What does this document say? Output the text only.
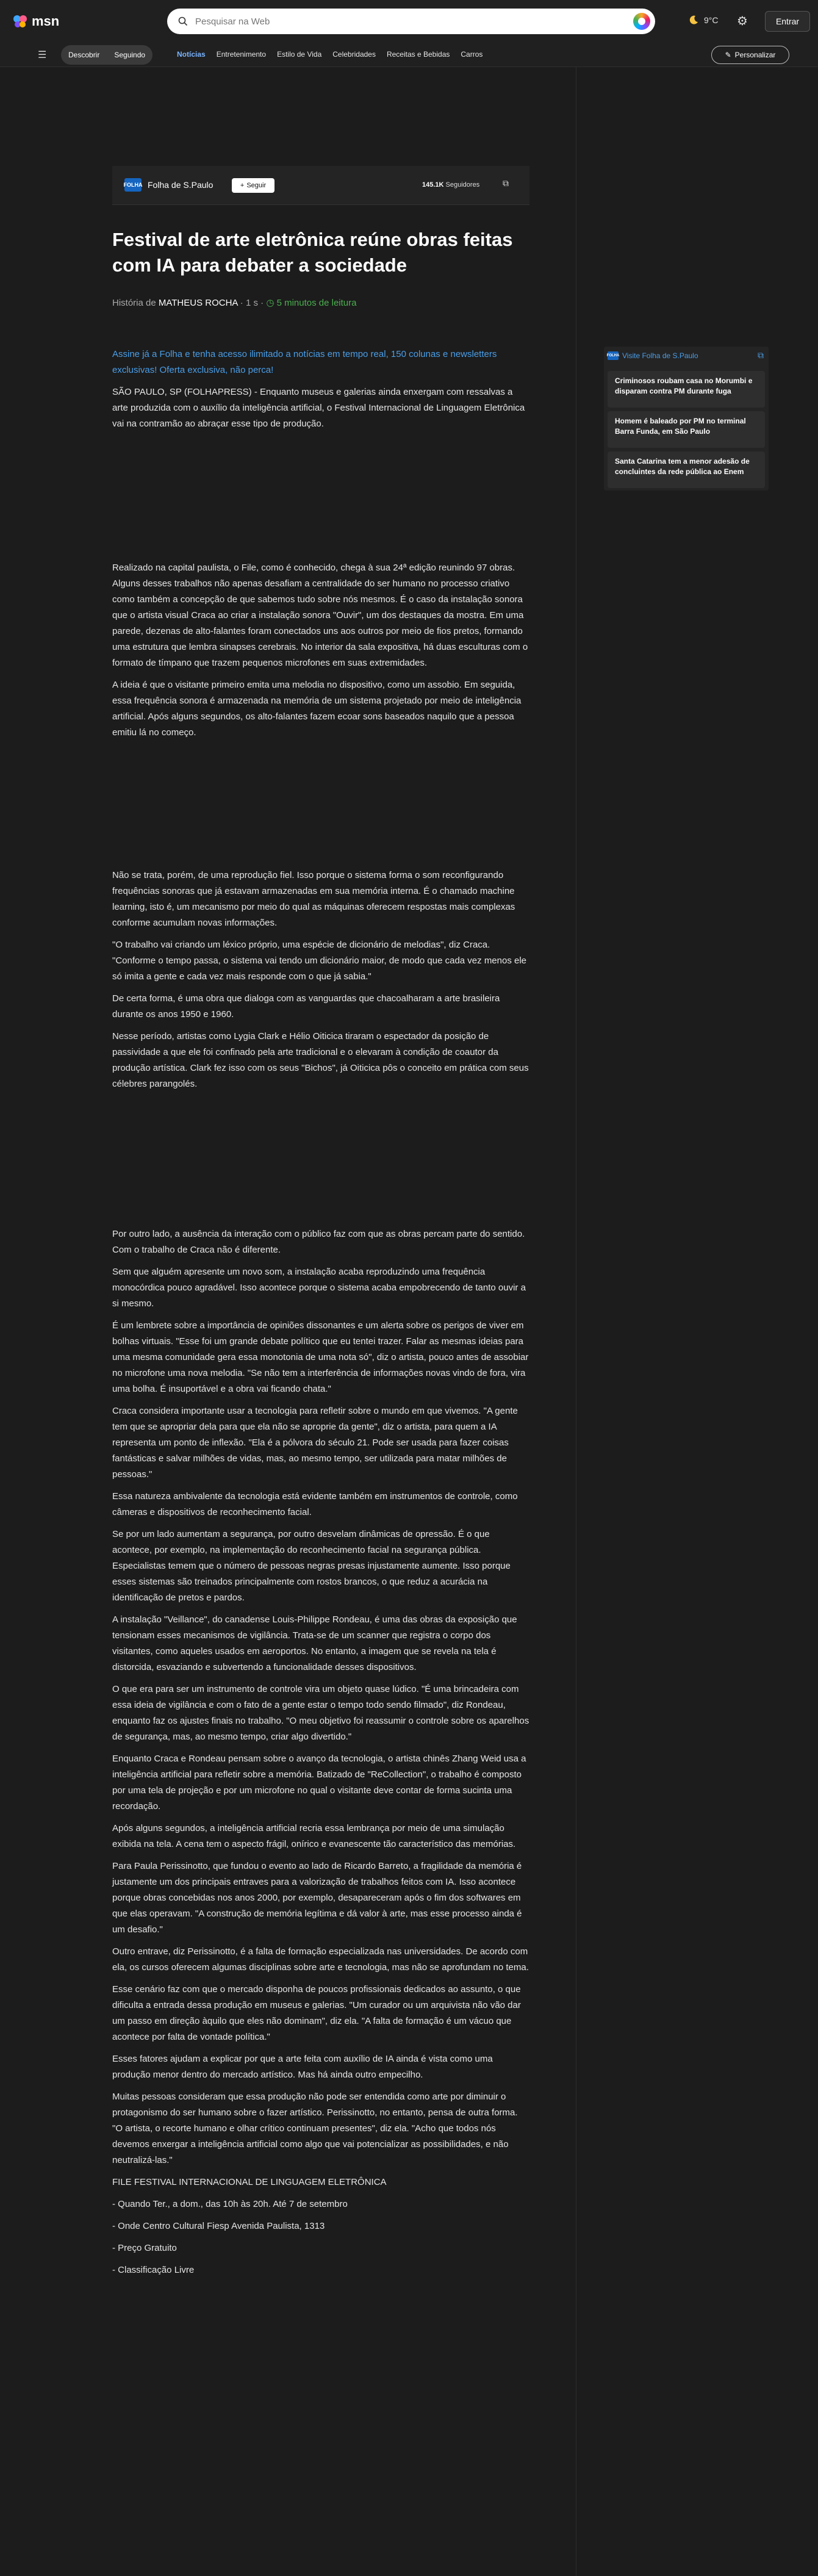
msn
Pesquisar na Web	9°C ⚙	Entrar
☰	Descobrir	Seguindo	Notícias Entretenimento Estilo de Vida Celebridades Receitas e Bebidas Carros	✎ Personalizar
FOLHA Folha de S.Paulo	+ Seguir	145.1K Seguidores	⧉
Festival de arte eletrônica reúne obras feitas com IA para debater a sociedade
História de MATHEUS ROCHA · 1 s · ◷ 5 minutos de leitura

Assine já a Folha e tenha acesso ilimitado a notícias em tempo real, 150 colunas e newsletters exclusivas! Oferta exclusiva, não perca!

SÃO PAULO, SP (FOLHAPRESS) - Enquanto museus e galerias ainda enxergam com ressalvas a arte produzida com o auxílio da inteligência artificial, o Festival Internacional de Linguagem Eletrônica vai na contramão ao abraçar esse tipo de produção.

Realizado na capital paulista, o File, como é conhecido, chega à sua 24ª edição reunindo 97 obras. Alguns desses trabalhos não apenas desafiam a centralidade do ser humano no processo criativo como também a concepção de que sabemos tudo sobre nós mesmos. É o caso da instalação sonora que o artista visual Craca ao criar a instalação sonora "Ouvir", um dos destaques da mostra. Em uma parede, dezenas de alto-falantes foram conectados uns aos outros por meio de fios pretos, formando uma estrutura que lembra sinapses cerebrais. No interior da sala expositiva, há duas esculturas com o formato de tímpano que trazem pequenos microfones em suas extremidades.

A ideia é que o visitante primeiro emita uma melodia no dispositivo, como um assobio. Em seguida, essa frequência sonora é armazenada na memória de um sistema projetado por meio de inteligência artificial. Após alguns segundos, os alto-falantes fazem ecoar sons baseados naquilo que a pessoa emitiu lá no começo.

Não se trata, porém, de uma reprodução fiel. Isso porque o sistema forma o som reconfigurando frequências sonoras que já estavam armazenadas em sua memória interna. É o chamado machine learning, isto é, um mecanismo por meio do qual as máquinas oferecem respostas mais complexas conforme acumulam novas informações.

"O trabalho vai criando um léxico próprio, uma espécie de dicionário de melodias", diz Craca. "Conforme o tempo passa, o sistema vai tendo um dicionário maior, de modo que cada vez menos ele só imita a gente e cada vez mais responde com o que já sabia."

De certa forma, é uma obra que dialoga com as vanguardas que chacoalharam a arte brasileira durante os anos 1950 e 1960.

Nesse período, artistas como Lygia Clark e Hélio Oiticica tiraram o espectador da posição de passividade a que ele foi confinado pela arte tradicional e o elevaram à condição de coautor da produção artística. Clark fez isso com os seus "Bichos", já Oiticica pôs o conceito em prática com seus célebres parangolés.

Por outro lado, a ausência da interação com o público faz com que as obras percam parte do sentido. Com o trabalho de Craca não é diferente.

Sem que alguém apresente um novo som, a instalação acaba reproduzindo uma frequência monocórdica pouco agradável. Isso acontece porque o sistema acaba empobrecendo de tanto ouvir a si mesmo.

É um lembrete sobre a importância de opiniões dissonantes e um alerta sobre os perigos de viver em bolhas virtuais. "Esse foi um grande debate político que eu tentei trazer. Falar as mesmas ideias para uma mesma comunidade gera essa monotonia de uma nota só", diz o artista, pouco antes de assobiar no microfone uma nova melodia. "Se não tem a interferência de informações novas vindo de fora, vira uma bolha. É insuportável e a obra vai ficando chata."

Craca considera importante usar a tecnologia para refletir sobre o mundo em que vivemos. "A gente tem que se apropriar dela para que ela não se aproprie da gente", diz o artista, para quem a IA representa um ponto de inflexão. "Ela é a pólvora do século 21. Pode ser usada para fazer coisas fantásticas e salvar milhões de vidas, mas, ao mesmo tempo, ser utilizada para matar milhões de pessoas."

Essa natureza ambivalente da tecnologia está evidente também em instrumentos de controle, como câmeras e dispositivos de reconhecimento facial.

Se por um lado aumentam a segurança, por outro desvelam dinâmicas de opressão. É o que acontece, por exemplo, na implementação do reconhecimento facial na segurança pública. Especialistas temem que o número de pessoas negras presas injustamente aumente. Isso porque esses sistemas são treinados principalmente com rostos brancos, o que reduz a acurácia na identificação de pretos e pardos.

A instalação "Veillance", do canadense Louis-Philippe Rondeau, é uma das obras da exposição que tensionam esses mecanismos de vigilância. Trata-se de um scanner que registra o corpo dos visitantes, como aqueles usados em aeroportos. No entanto, a imagem que se revela na tela é distorcida, esvaziando e subvertendo a funcionalidade desses dispositivos.

O que era para ser um instrumento de controle vira um objeto quase lúdico. "É uma brincadeira com essa ideia de vigilância e com o fato de a gente estar o tempo todo sendo filmado", diz Rondeau, enquanto faz os ajustes finais no trabalho. "O meu objetivo foi reassumir o controle sobre os aparelhos de segurança, mas, ao mesmo tempo, criar algo divertido."

Enquanto Craca e Rondeau pensam sobre o avanço da tecnologia, o artista chinês Zhang Weid usa a inteligência artificial para refletir sobre a memória. Batizado de "ReCollection", o trabalho é composto por uma tela de projeção e por um microfone no qual o visitante deve contar de forma sucinta uma recordação.

Após alguns segundos, a inteligência artificial recria essa lembrança por meio de uma simulação exibida na tela. A cena tem o aspecto frágil, onírico e evanescente tão característico das memórias.

Para Paula Perissinotto, que fundou o evento ao lado de Ricardo Barreto, a fragilidade da memória é justamente um dos principais entraves para a valorização de trabalhos feitos com IA. Isso acontece porque obras concebidas nos anos 2000, por exemplo, desapareceram após o fim dos softwares em que elas operavam. "A construção de memória legítima e dá valor à arte, mas esse processo ainda é um desafio."

Outro entrave, diz Perissinotto, é a falta de formação especializada nas universidades. De acordo com ela, os cursos oferecem algumas disciplinas sobre arte e tecnologia, mas não se aprofundam no tema.

Esse cenário faz com que o mercado disponha de poucos profissionais dedicados ao assunto, o que dificulta a entrada dessa produção em museus e galerias. "Um curador ou um arquivista não vão dar um passo em direção àquilo que eles não dominam", diz ela. "A falta de formação é um vácuo que acontece por falta de vontade política."

Esses fatores ajudam a explicar por que a arte feita com auxílio de IA ainda é vista como uma produção menor dentro do mercado artístico. Mas há ainda outro empecilho.

Muitas pessoas consideram que essa produção não pode ser entendida como arte por diminuir o protagonismo do ser humano sobre o fazer artístico. Perissinotto, no entanto, pensa de outra forma. "O artista, o recorte humano e olhar crítico continuam presentes", diz ela. "Acho que todos nós devemos enxergar a inteligência artificial como algo que vai potencializar as possibilidades, e não neutralizá-las."

FILE FESTIVAL INTERNACIONAL DE LINGUAGEM ELETRÔNICA

- Quando Ter., a dom., das 10h às 20h. Até 7 de setembro

- Onde Centro Cultural Fiesp Avenida Paulista, 1313

- Preço Gratuito

- Classificação Livre

FOLHA Visite Folha de S.Paulo	⧉
Criminosos roubam casa no Morumbi e disparam contra PM durante fuga
Homem é baleado por PM no terminal Barra Funda, em São Paulo
Santa Catarina tem a menor adesão de concluintes da rede pública ao Enem
